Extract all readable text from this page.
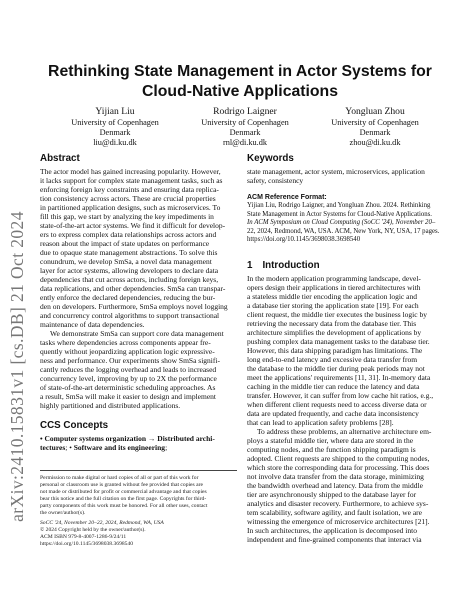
arXiv:2410.15831v1 [cs.DB] 21 Oct 2024
Rethinking State Management in Actor Systems for
Cloud-Native Applications
Yijian Liu
University of Copenhagen
Denmark
liu@di.ku.dk
Rodrigo Laigner
University of Copenhagen
Denmark
rnl@di.ku.dk
Yongluan Zhou
University of Copenhagen
Denmark
zhou@di.ku.dk
Abstract
The actor model has gained increasing popularity. However,
it lacks support for complex state management tasks, such as
enforcing foreign key constraints and ensuring data replica-
tion consistency across actors. These are crucial properties
in partitioned application designs, such as microservices. To
fill this gap, we start by analyzing the key impediments in
state-of-the-art actor systems. We find it difficult for develop-
ers to express complex data relationships across actors and
reason about the impact of state updates on performance
due to opaque state management abstractions. To solve this
conundrum, we develop SmSa, a novel data management
layer for actor systems, allowing developers to declare data
dependencies that cut across actors, including foreign keys,
data replications, and other dependencies. SmSa can transpar-
ently enforce the declared dependencies, reducing the bur-
den on developers. Furthermore, SmSa employs novel logging
and concurrency control algorithms to support transactional
maintenance of data dependencies.
We demonstrate SmSa can support core data management
tasks where dependencies across components appear fre-
quently without jeopardizing application logic expressive-
ness and performance. Our experiments show SmSa signifi-
cantly reduces the logging overhead and leads to increased
concurrency level, improving by up to 2X the performance
of state-of-the-art deterministic scheduling approaches. As
a result, SmSa will make it easier to design and implement
highly partitioned and distributed applications.
CCS Concepts
• Computer systems organization → Distributed archi-
tectures; • Software and its engineering;
Permission to make digital or hard copies of all or part of this work for
personal or classroom use is granted without fee provided that copies are
not made or distributed for profit or commercial advantage and that copies
bear this notice and the full citation on the first page. Copyrights for third-
party components of this work must be honored. For all other uses, contact
the owner/author(s).
SoCC '24, November 20–22, 2024, Redmond, WA, USA
© 2024 Copyright held by the owner/author(s).
ACM ISBN 979-8-4007-1286-9/24/11
https://doi.org/10.1145/3698038.3698540
Keywords
state management, actor system, microservices, application
safety, consistency
ACM Reference Format:
Yijian Liu, Rodrigo Laigner, and Yongluan Zhou. 2024. Rethinking
State Management in Actor Systems for Cloud-Native Applications.
In ACM Symposium on Cloud Computing (SoCC '24), November 20–
22, 2024, Redmond, WA, USA. ACM, New York, NY, USA, 17 pages.
https://doi.org/10.1145/3698038.3698540
1 Introduction
In the modern application programming landscape, devel-
opers design their applications in tiered architectures with
a stateless middle tier encoding the application logic and
a database tier storing the application state [19]. For each
client request, the middle tier executes the business logic by
retrieving the necessary data from the database tier. This
architecture simplifies the development of applications by
pushing complex data management tasks to the database tier.
However, this data shipping paradigm has limitations. The
long end-to-end latency and excessive data transfer from
the database to the middle tier during peak periods may not
meet the applications' requirements [11, 31]. In-memory data
caching in the middle tier can reduce the latency and data
transfer. However, it can suffer from low cache hit ratios, e.g.,
when different client requests need to access diverse data or
data are updated frequently, and cache data inconsistency
that can lead to application safety problems [28].
To address these problems, an alternative architecture em-
ploys a stateful middle tier, where data are stored in the
computing nodes, and the function shipping paradigm is
adopted. Client requests are shipped to the computing nodes,
which store the corresponding data for processing. This does
not involve data transfer from the data storage, minimizing
the bandwidth overhead and latency. Data from the middle
tier are asynchronously shipped to the database layer for
analytics and disaster recovery. Furthermore, to achieve sys-
tem scalability, software agility, and fault isolation, we are
witnessing the emergence of microservice architectures [21].
In such architectures, the application is decomposed into
independent and fine-grained components that interact via
